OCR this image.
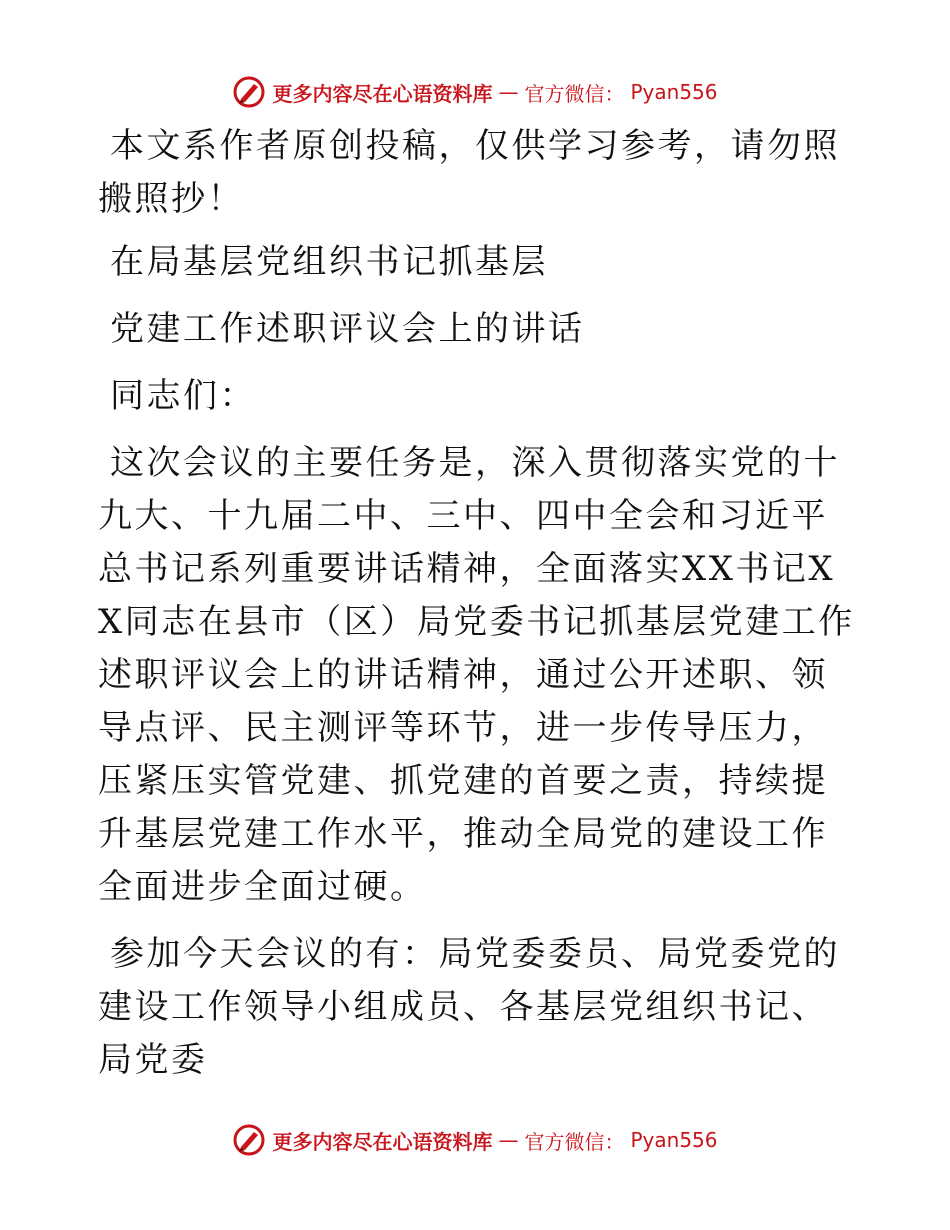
更多内容尽在心语资料库 — 官方微信： Pyan556

本文系作者原创投稿，仅供学习参考，请勿照搬照抄！

在局基层党组织书记抓基层

党建工作述职评议会上的讲话

同志们：

这次会议的主要任务是，深入贯彻落实党的十九大、十九届二中、三中、四中全会和习近平总书记系列重要讲话精神，全面落实XX书记XX同志在县市（区）局党委书记抓基层党建工作述职评议会上的讲话精神，通过公开述职、领导点评、民主测评等环节，进一步传导压力，压紧压实管党建、抓党建的首要之责，持续提升基层党建工作水平，推动全局党的建设工作全面进步全面过硬。

参加今天会议的有：局党委委员、局党委党的建设工作领导小组成员、各基层党组织书记、局党委

更多内容尽在心语资料库 — 官方微信： Pyan556
